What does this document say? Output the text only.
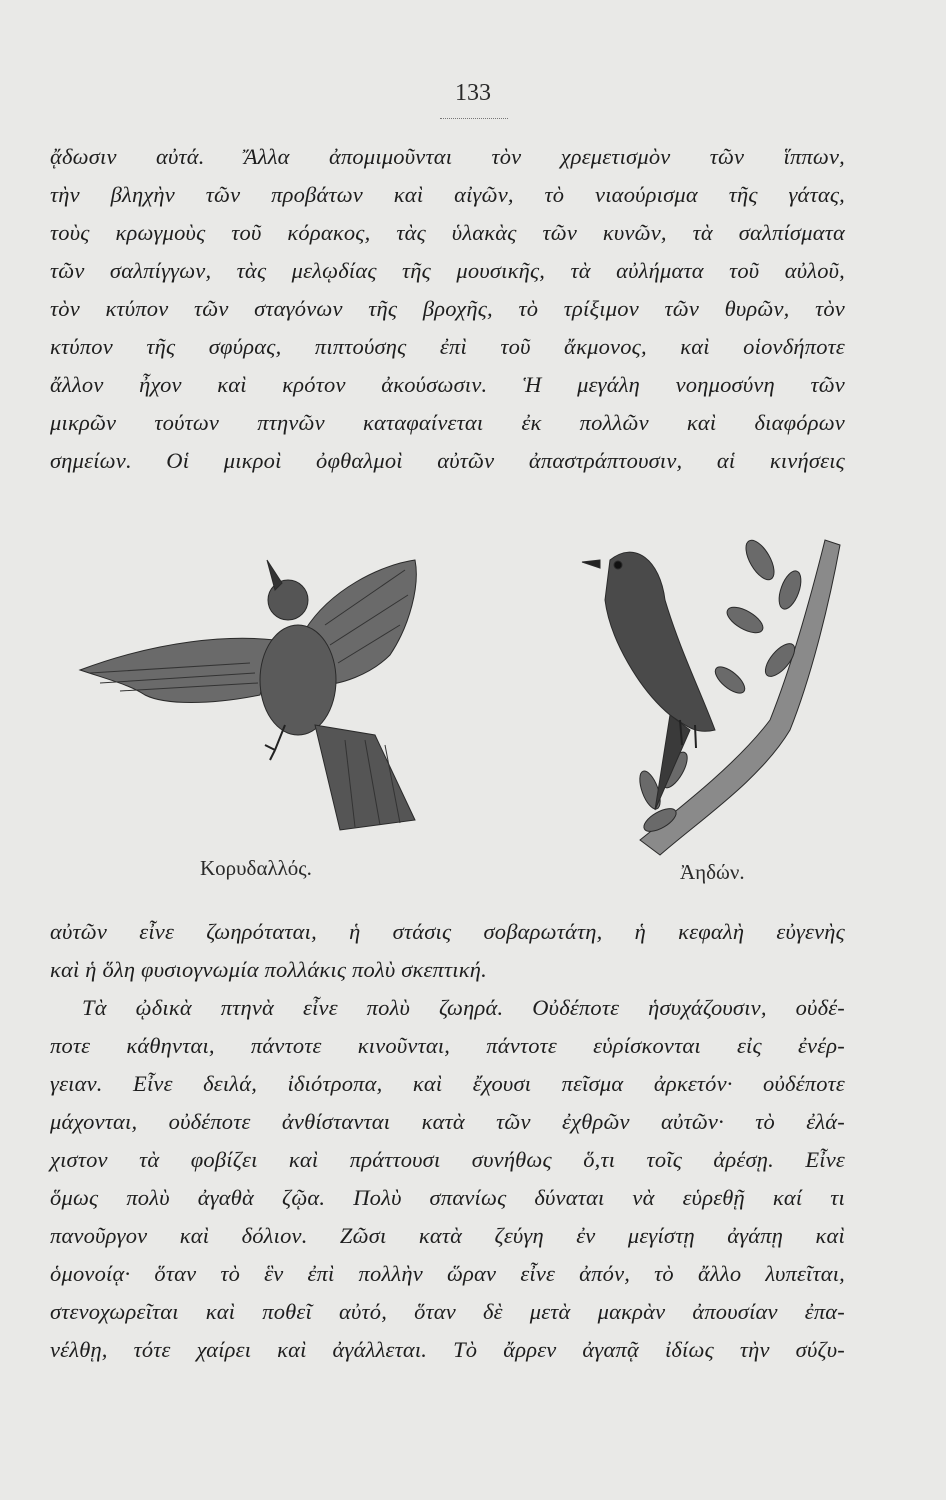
133
ᾄδωσιν αὐτά. Ἄλλα ἀπομιμοῦνται τὸν χρεμετισμὸν τῶν ἵππων,
τὴν βληχὴν τῶν προβάτων καὶ αἰγῶν, τὸ νιαούρισμα τῆς γάτας,
τοὺς κρωγμοὺς τοῦ κόρακος, τὰς ὑλακὰς τῶν κυνῶν, τὰ σαλπίσματα
τῶν σαλπίγγων, τὰς μελῳδίας τῆς μουσικῆς, τὰ αὐλήματα τοῦ αὐλοῦ,
τὸν κτύπον τῶν σταγόνων τῆς βροχῆς, τὸ τρίξιμον τῶν θυρῶν, τὸν
κτύπον τῆς σφύρας, πιπτούσης ἐπὶ τοῦ ἄκμονος, καὶ οἱονδήποτε
ἄλλον ἦχον καὶ κρότον ἀκούσωσιν. Ἡ μεγάλη νοημοσύνη τῶν
μικρῶν τούτων πτηνῶν καταφαίνεται ἐκ πολλῶν καὶ διαφόρων
σημείων. Οἱ μικροὶ ὀφθαλμοὶ αὐτῶν ἀπαστράπτουσιν, αἱ κινήσεις
Κορυδαλλός.	Ἀηδών.
αὐτῶν εἶνε ζωηρόταται, ἡ στάσις σοβαρωτάτη, ἡ κεφαλὴ εὐγενὴς
καὶ ἡ ὅλη φυσιογνωμία πολλάκις πολὺ σκεπτική.
Τὰ ᾠδικὰ πτηνὰ εἶνε πολὺ ζωηρά. Οὐδέποτε ἡσυχάζουσιν, οὐδέ-
ποτε κάθηνται, πάντοτε κινοῦνται, πάντοτε εὑρίσκονται εἰς ἐνέρ-
γειαν. Εἶνε δειλά, ἰδιότροπα, καὶ ἔχουσι πεῖσμα ἀρκετόν· οὐδέποτε
μάχονται, οὐδέποτε ἀνθίστανται κατὰ τῶν ἐχθρῶν αὐτῶν· τὸ ἐλά-
χιστον τὰ φοβίζει καὶ πράττουσι συνήθως ὅ,τι τοῖς ἀρέσῃ. Εἶνε
ὅμως πολὺ ἀγαθὰ ζῷα. Πολὺ σπανίως δύναται νὰ εὑρεθῇ καί τι
πανοῦργον καὶ δόλιον. Ζῶσι κατὰ ζεύγη ἐν μεγίστῃ ἀγάπῃ καὶ
ὁμονοίᾳ· ὅταν τὸ ἓν ἐπὶ πολλὴν ὥραν εἶνε ἀπόν, τὸ ἄλλο λυπεῖται,
στενοχωρεῖται καὶ ποθεῖ αὐτό, ὅταν δὲ μετὰ μακρὰν ἀπουσίαν ἐπα-
νέλθῃ, τότε χαίρει καὶ ἀγάλλεται. Τὸ ἄρρεν ἀγαπᾷ ἰδίως τὴν σύζυ-
